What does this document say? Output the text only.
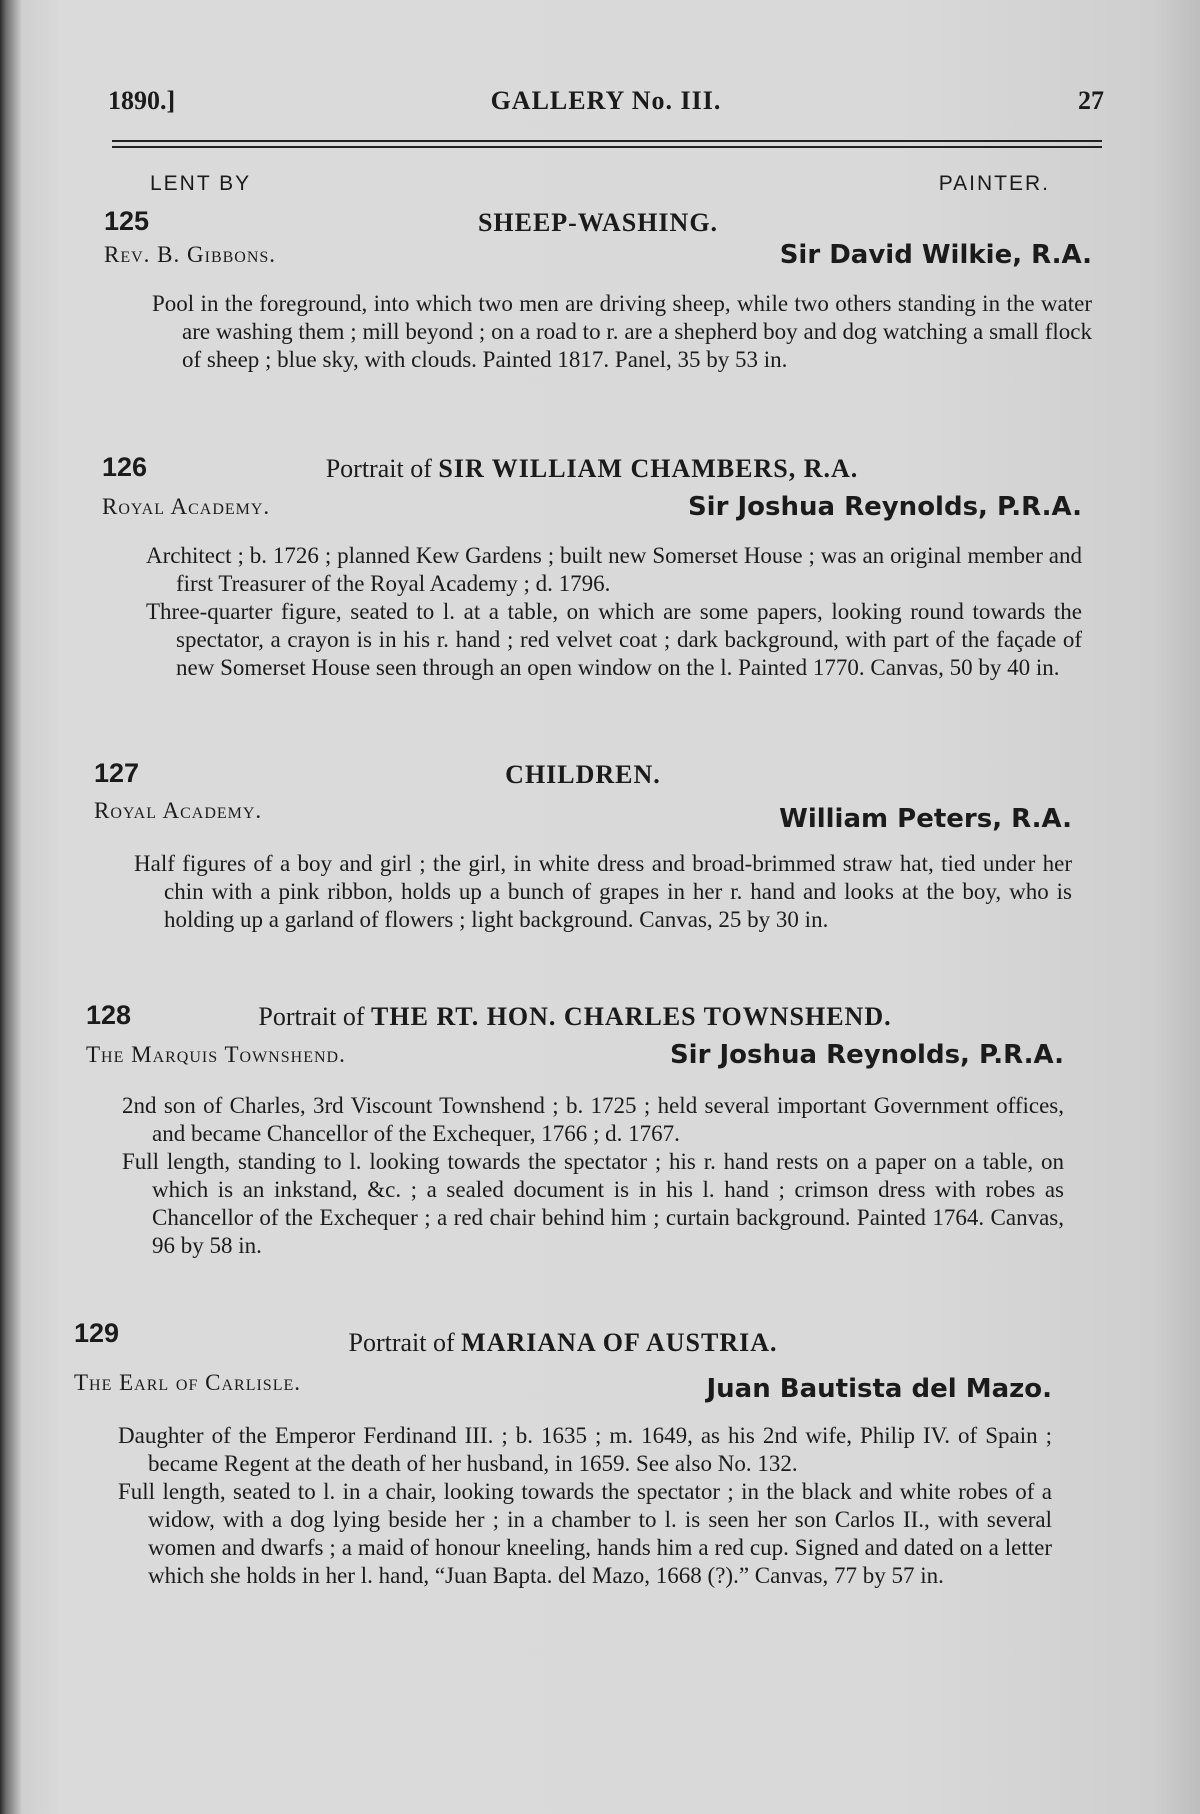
1890.]	GALLERY No. III.	27
LENT BY	PAINTER.
125	SHEEP-WASHING.
Rev. B. Gibbons.	Sir David Wilkie, R.A.

Pool in the foreground, into which two men are driving sheep, while two others standing in the water are washing them ; mill beyond ; on a road to r. are a shepherd boy and dog watching a small flock of sheep ; blue sky, with clouds. Painted 1817. Panel, 35 by 53 in.

126	Portrait of SIR WILLIAM CHAMBERS, R.A.
Royal Academy.	Sir Joshua Reynolds, P.R.A.

Architect ; b. 1726 ; planned Kew Gardens ; built new Somerset House ; was an original member and first Treasurer of the Royal Academy ; d. 1796.

Three-quarter figure, seated to l. at a table, on which are some papers, looking round towards the spectator, a crayon is in his r. hand ; red velvet coat ; dark background, with part of the façade of new Somerset House seen through an open window on the l. Painted 1770. Canvas, 50 by 40 in.

127	CHILDREN.
Royal Academy.	William Peters, R.A.

Half figures of a boy and girl ; the girl, in white dress and broad-brimmed straw hat, tied under her chin with a pink ribbon, holds up a bunch of grapes in her r. hand and looks at the boy, who is holding up a garland of flowers ; light background. Canvas, 25 by 30 in.

128	Portrait of THE RT. HON. CHARLES TOWNSHEND.
The Marquis Townshend.	Sir Joshua Reynolds, P.R.A.

2nd son of Charles, 3rd Viscount Townshend ; b. 1725 ; held several important Government offices, and became Chancellor of the Exchequer, 1766 ; d. 1767.

Full length, standing to l. looking towards the spectator ; his r. hand rests on a paper on a table, on which is an inkstand, &c. ; a sealed document is in his l. hand ; crimson dress with robes as Chancellor of the Exchequer ; a red chair behind him ; curtain background. Painted 1764. Canvas, 96 by 58 in.

129	Portrait of MARIANA OF AUSTRIA.
The Earl of Carlisle.	Juan Bautista del Mazo.

Daughter of the Emperor Ferdinand III. ; b. 1635 ; m. 1649, as his 2nd wife, Philip IV. of Spain ; became Regent at the death of her husband, in 1659. See also No. 132.

Full length, seated to l. in a chair, looking towards the spectator ; in the black and white robes of a widow, with a dog lying beside her ; in a chamber to l. is seen her son Carlos II., with several women and dwarfs ; a maid of honour kneeling, hands him a red cup. Signed and dated on a letter which she holds in her l. hand, “Juan Bapta. del Mazo, 1668 (?).” Canvas, 77 by 57 in.
